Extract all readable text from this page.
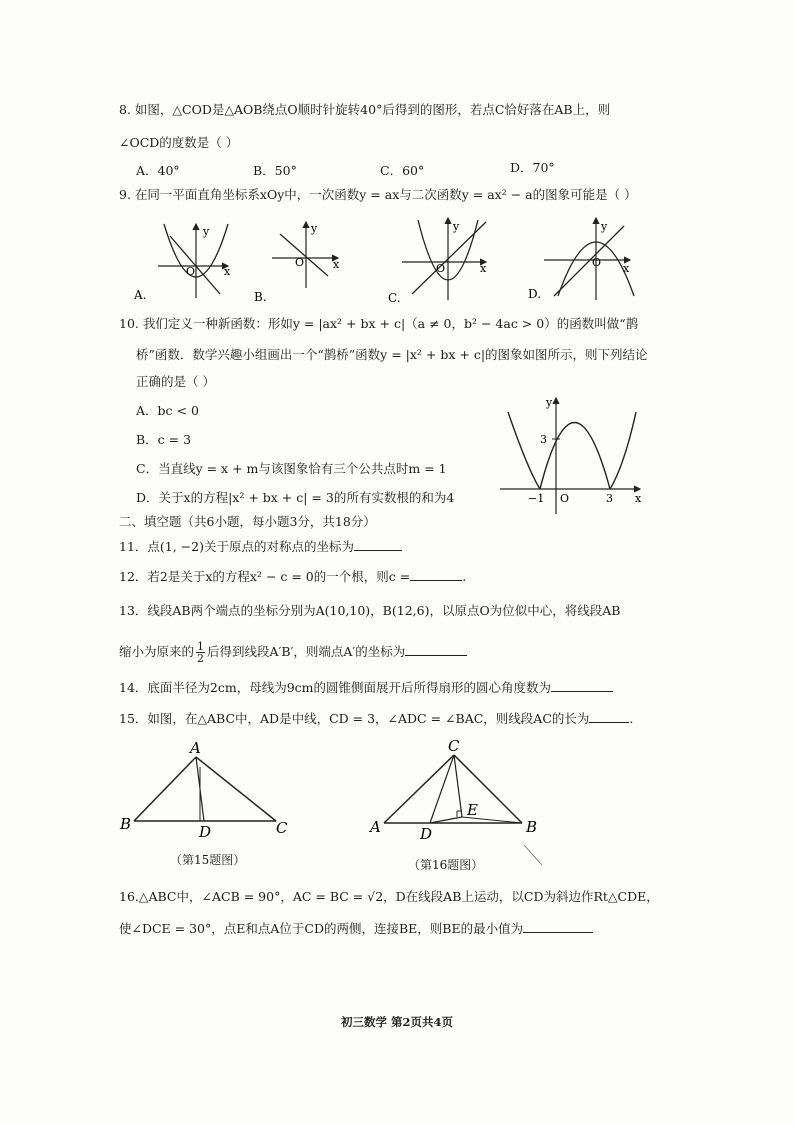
8. 如图，△COD是△AOB绕点O顺时针旋转40°后得到的图形，若点C恰好落在AB上，则
∠OCD的度数是（ ）
A．40°	B．50°	C．60°	D．70°
9. 在同一平面直角坐标系xOy中，一次函数y = ax与二次函数y = ax² − a的图象可能是（ ）
y
x
O
A.
y
x
O
B.
y
x
O
C.
y
x
O
D.
10. 我们定义一种新函数：形如y = |ax² + bx + c|（a ≠ 0，b² − 4ac > 0）的函数叫做“鹊
桥”函数．数学兴趣小组画出一个“鹊桥”函数y = |x² + bx + c|的图象如图所示，则下列结论
正确的是（ ）
A．bc < 0
B．c = 3
C．当直线y = x + m与该图象恰有三个公共点时m = 1
D．关于x的方程|x² + bx + c| = 3的所有实数根的和为4
y
x
3
−1 O	3
二、填空题（共6小题，每小题3分，共18分）
11．点(1, −2)关于原点的对称点的坐标为
12．若2是关于x的方程x² − c = 0的一个根，则c =	.
13．线段AB两个端点的坐标分别为A(10,10)，B(12,6)，以原点O为位似中心，将线段AB
缩小为原来的 $\frac{1}{2}$ 后得到线段A′B′，则端点A′的坐标为
14．底面半径为2cm，母线为9cm的圆锥侧面展开后所得扇形的圆心角度数为
15．如图，在△ABC中，AD是中线，CD = 3，∠ADC = ∠BAC，则线段AC的长为	.
A
B	C
D
（第15题图）
C
A	B
D
E
（第16题图）
16.△ABC中，∠ACB = 90°，AC = BC = √2，D在线段AB上运动，以CD为斜边作Rt△CDE，
使∠DCE = 30°，点E和点A位于CD的两侧，连接BE，则BE的最小值为
初三数学 第2页共4页
